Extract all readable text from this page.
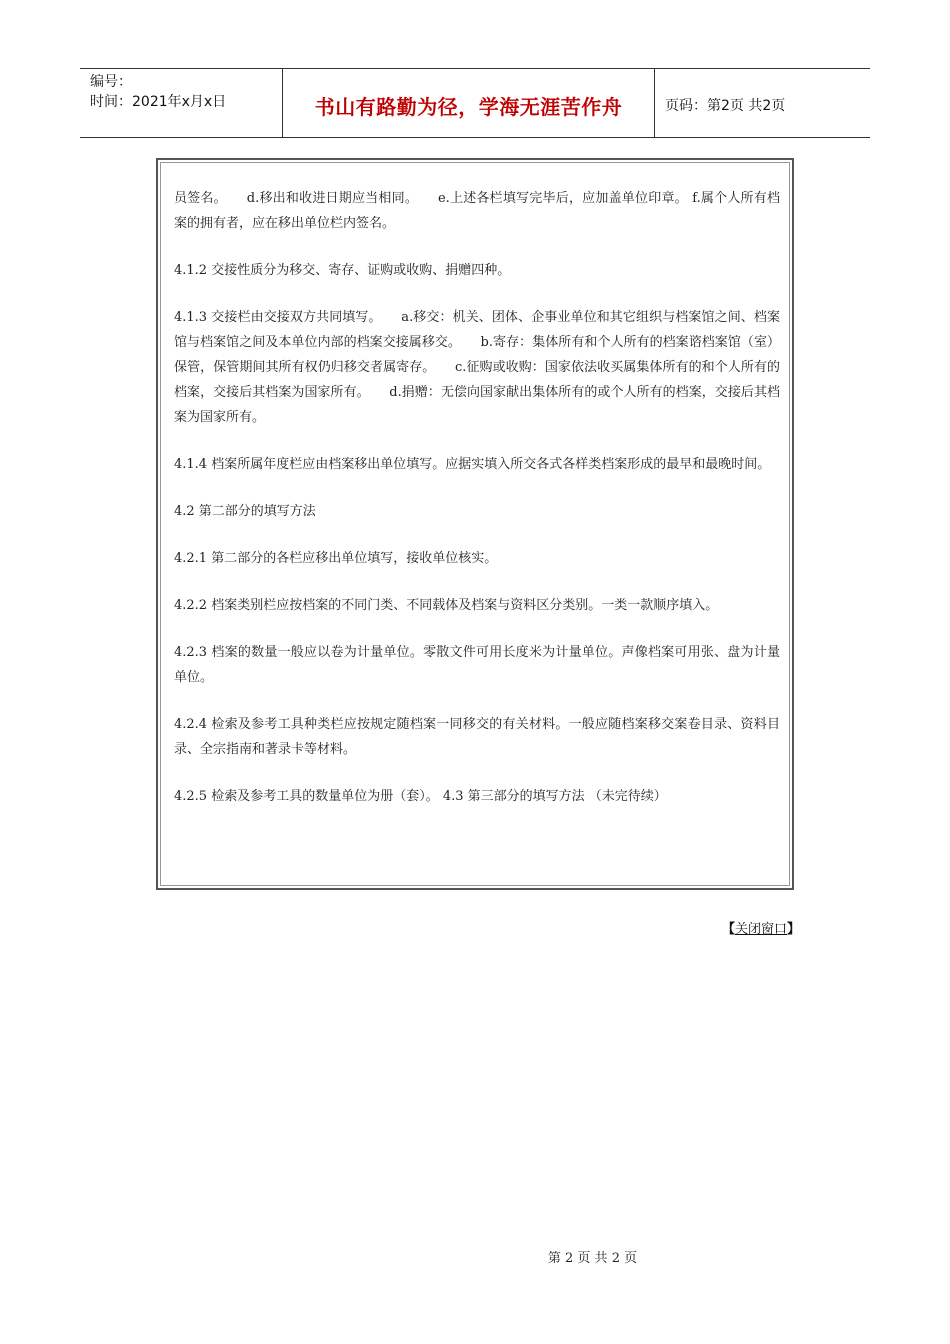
编号：
时间：2021年x月x日	书山有路勤为径，学海无涯苦作舟	页码：第2页 共2页

员签名。　　d.移出和收进日期应当相同。　　e.上述各栏填写完毕后，应加盖单位印章。 f.属个人所有档案的拥有者，应在移出单位栏内签名。

4.1.2 交接性质分为移交、寄存、证购或收购、捐赠四种。

4.1.3 交接栏由交接双方共同填写。　　a.移交：机关、团体、企事业单位和其它组织与档案馆之间、档案馆与档案馆之间及本单位内部的档案交接属移交。　　b.寄存：集体所有和个人所有的档案谘档案馆（室）保管，保管期间其所有权仍归移交者属寄存。　　c.征购或收购：国家依法收买属集体所有的和个人所有的档案，交接后其档案为国家所有。　　d.捐赠：无偿向国家献出集体所有的或个人所有的档案，交接后其档案为国家所有。

4.1.4 档案所属年度栏应由档案移出单位填写。应据实填入所交各式各样类档案形成的最早和最晚时间。

4.2 第二部分的填写方法

4.2.1 第二部分的各栏应移出单位填写，接收单位核实。

4.2.2 档案类别栏应按档案的不同门类、不同载体及档案与资料区分类别。一类一款顺序填入。

4.2.3 档案的数量一般应以卷为计量单位。零散文件可用长度米为计量单位。声像档案可用张、盘为计量单位。

4.2.4 检索及参考工具种类栏应按规定随档案一同移交的有关材料。一般应随档案移交案卷目录、资料目录、全宗指南和著录卡等材料。

4.2.5 检索及参考工具的数量单位为册（套）。 4.3 第三部分的填写方法 （未完待续）

【关闭窗口】
第 2 页 共 2 页
